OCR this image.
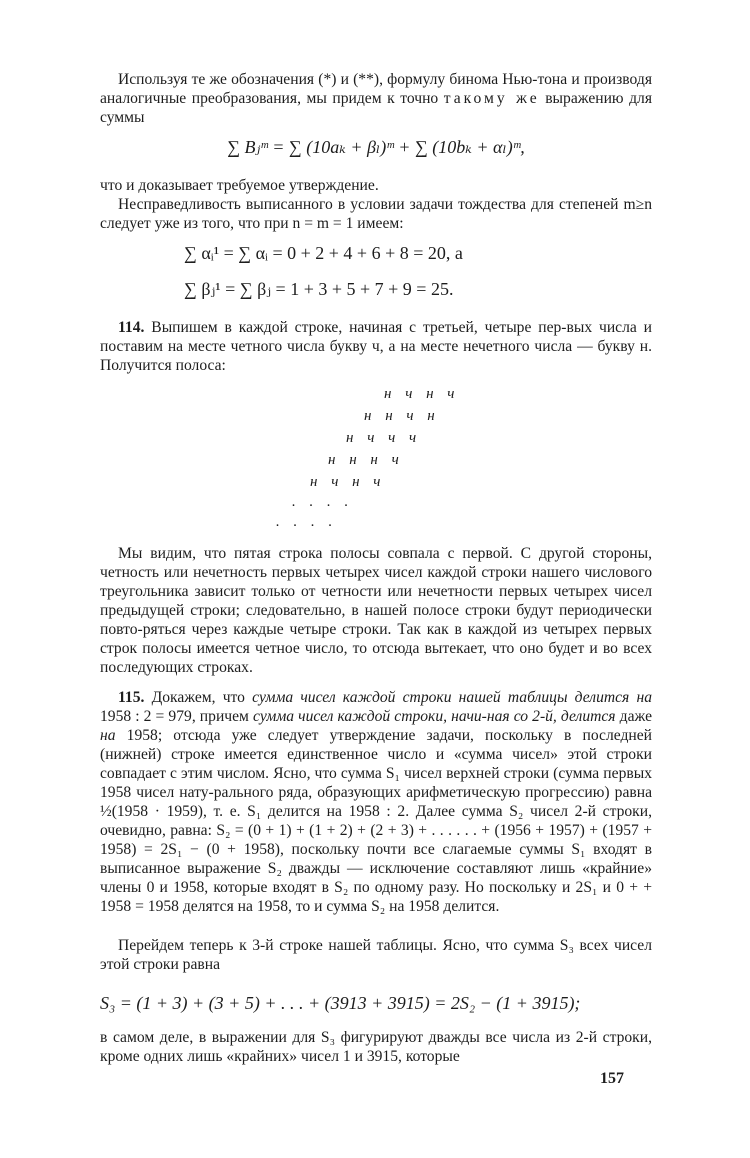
Используя те же обозначения (*) и (**), формулу бинома Нью-тона и производя аналогичные преобразования, мы придем к точно такому же выражению для суммы

∑ Bⱼᵐ = ∑ (10aₖ + βₗ)ᵐ + ∑ (10bₖ + αₗ)ᵐ,

что и доказывает требуемое утверждение.

Несправедливость выписанного в условии задачи тождества для степеней m≥n следует уже из того, что при n = m = 1 имеем:

∑ αᵢ¹ = ∑ αᵢ = 0 + 2 + 4 + 6 + 8 = 20, а
∑ βⱼ¹ = ∑ βⱼ = 1 + 3 + 5 + 7 + 9 = 25.

114. Выпишем в каждой строке, начиная с третьей, четыре пер-вых числа и поставим на месте четного числа букву ч, а на месте нечетного числа — букву н. Получится полоса:

н ч н ч
н н ч н
н ч ч ч
н н н ч
н ч н ч
. . . .
. . . .

Мы видим, что пятая строка полосы совпала с первой. С другой стороны, четность или нечетность первых четырех чисел каждой строки нашего числового треугольника зависит только от четности или нечетности первых четырех чисел предыдущей строки; следовательно, в нашей полосе строки будут периодически повто-ряться через каждые четыре строки. Так как в каждой из четырех первых строк полосы имеется четное число, то отсюда вытекает, что оно будет и во всех последующих строках.

115. Докажем, что сумма чисел каждой строки нашей таблицы делится на 1958 : 2 = 979, причем сумма чисел каждой строки, начи-ная со 2-й, делится даже на 1958; отсюда уже следует утверждение задачи, поскольку в последней (нижней) строке имеется единственное число и «сумма чисел» этой строки совпадает с этим числом. Ясно, что сумма S₁ чисел верхней строки (сумма первых 1958 чисел нату-рального ряда, образующих арифметическую прогрессию) равна ½(1958 · 1959), т. е. S₁ делится на 1958 : 2. Далее сумма S₂ чисел 2-й строки, очевидно, равна: S₂ = (0 + 1) + (1 + 2) + (2 + 3) + . . . . . . + (1956 + 1957) + (1957 + 1958) = 2S₁ − (0 + 1958), поскольку почти все слагаемые суммы S₁ входят в выписанное выражение S₂ дважды — исключение составляют лишь «крайние» члены 0 и 1958, которые входят в S₂ по одному разу. Но поскольку и 2S₁ и 0 + + 1958 = 1958 делятся на 1958, то и сумма S₂ на 1958 делится.

Перейдем теперь к 3-й строке нашей таблицы. Ясно, что сумма S₃ всех чисел этой строки равна

S₃ = (1 + 3) + (3 + 5) + . . . + (3913 + 3915) = 2S₂ − (1 + 3915);

в самом деле, в выражении для S₃ фигурируют дважды все числа из 2-й строки, кроме одних лишь «крайних» чисел 1 и 3915, которые

157
